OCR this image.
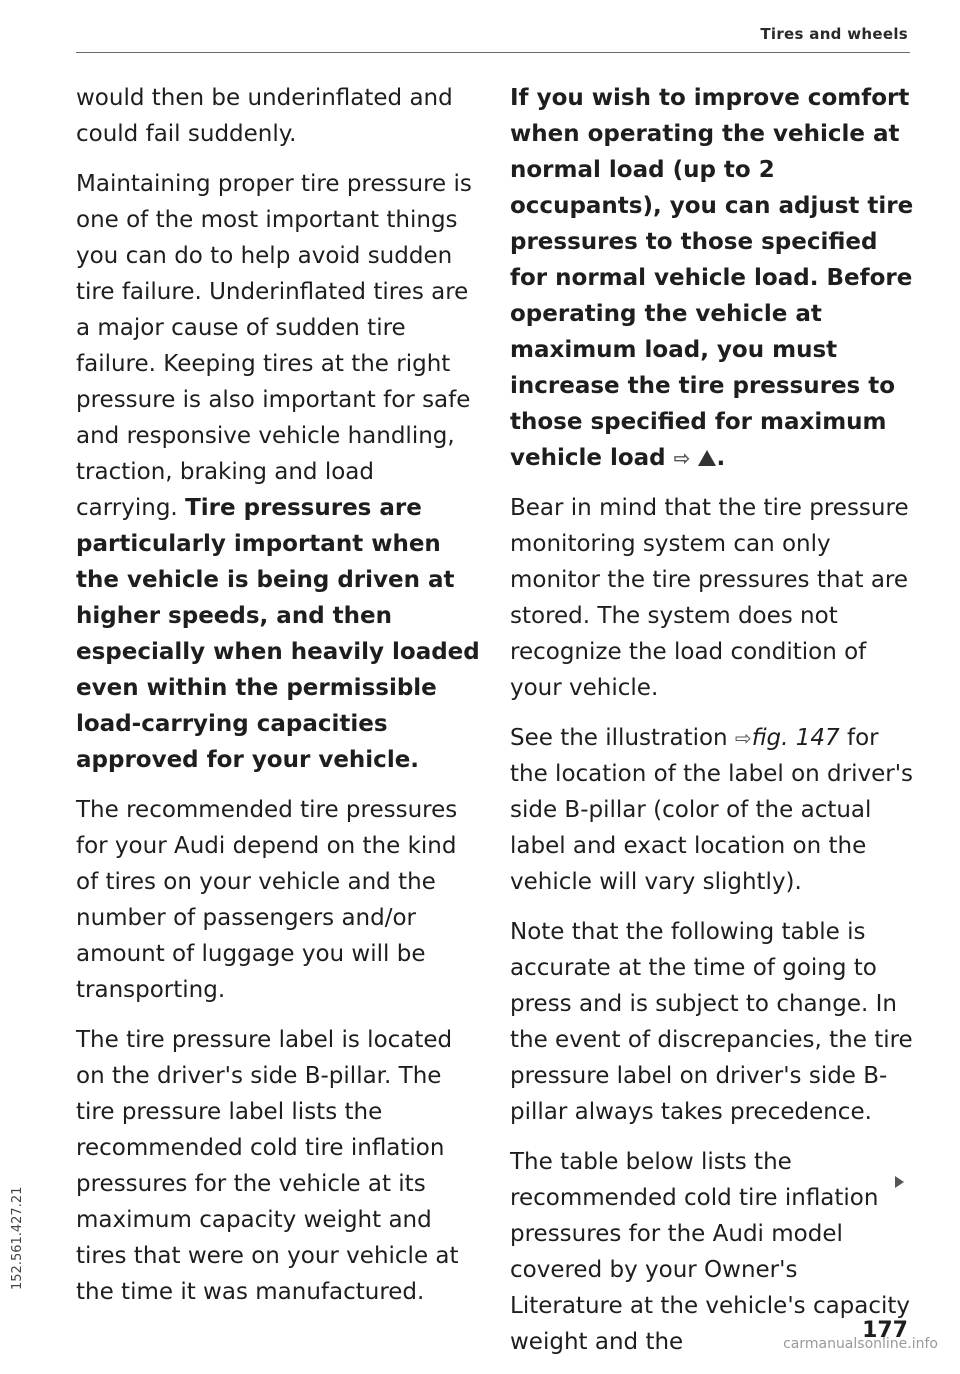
Tires and wheels

would then be underinflated and could fail suddenly.

Maintaining proper tire pressure is one of the most important things you can do to help avoid sudden tire failure. Underinflated tires are a major cause of sudden tire failure. Keeping tires at the right pressure is also important for safe and responsive vehicle handling, traction, braking and load carrying. Tire pressures are particularly important when the vehicle is being driven at higher speeds, and then especially when heavily loaded even within the permissible load-carrying capacities approved for your vehicle.

The recommended tire pressures for your Audi depend on the kind of tires on your vehicle and the number of passengers and/or amount of luggage you will be transporting.

The tire pressure label is located on the driver's side B-pillar. The tire pressure label lists the recommended cold tire inflation pressures for the vehicle at its maximum capacity weight and tires that were on your vehicle at the time it was manufactured.

If you wish to improve comfort when operating the vehicle at normal load (up to 2 occupants), you can adjust tire pressures to those specified for normal vehicle load. Before operating the vehicle at maximum load, you must increase the tire pressures to those specified for maximum vehicle load ⇨ ! .

Bear in mind that the tire pressure monitoring system can only monitor the tire pressures that are stored. The system does not recognize the load condition of your vehicle.

See the illustration ⇨fig. 147 for the location of the label on driver's side B-pillar (color of the actual label and exact location on the vehicle will vary slightly).

Note that the following table is accurate at the time of going to press and is subject to change. In the event of discrepancies, the tire pressure label on driver's side B-pillar always takes precedence.

The table below lists the recommended cold tire inflation pressures for the Audi model covered by your Owner's Literature at the vehicle's capacity weight and the	177
152.561.427.21
carmanualsonline.info
